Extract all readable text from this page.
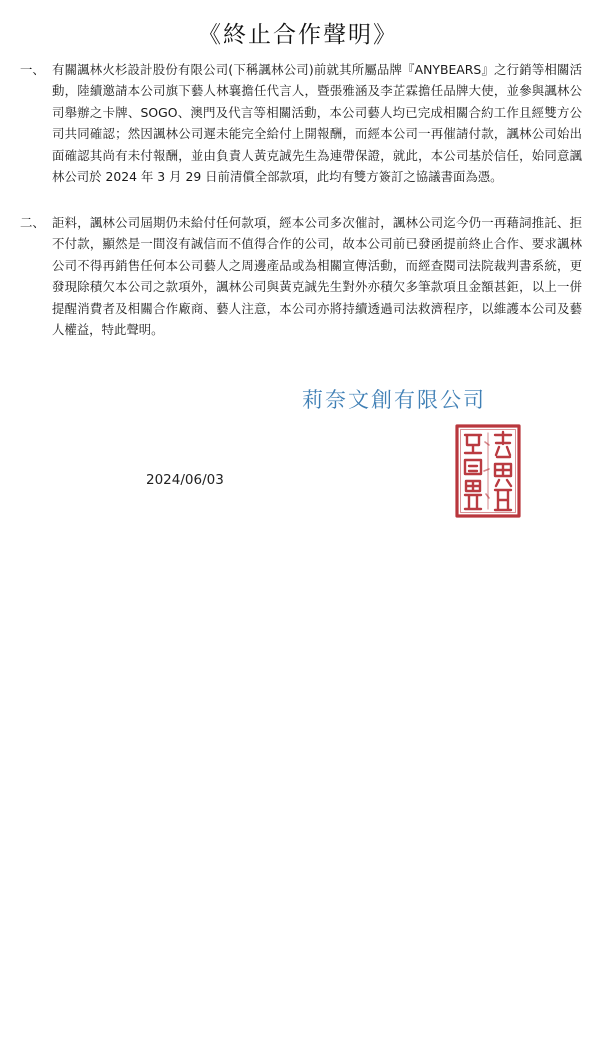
《終止合作聲明》
一、 有關諷林火杉設計股份有限公司(下稱諷林公司)前就其所屬品牌『ANYBEARS』之行銷等相關活動，陸續邀請本公司旗下藝人林襄擔任代言人，暨張雅涵及李芷霖擔任品牌大使，並參與諷林公司舉辦之卡牌、SOGO、澳門及代言等相關活動，本公司藝人均已完成相關合約工作且經雙方公司共同確認；然因諷林公司遲未能完全給付上開報酬，而經本公司一再催請付款，諷林公司始出面確認其尚有未付報酬，並由負責人黃克誠先生為連帶保證，就此，本公司基於信任，始同意諷林公司於 2024 年 3 月 29 日前清償全部款項，此均有雙方簽訂之協議書面為憑。
二、 詎料，諷林公司屆期仍未給付任何款項，經本公司多次催討，諷林公司迄今仍一再藉詞推託、拒不付款，顯然是一間沒有誠信而不值得合作的公司，故本公司前已發函提前終止合作、要求諷林公司不得再銷售任何本公司藝人之周邊產品或為相關宣傳活動，而經查閱司法院裁判書系統，更發現除積欠本公司之款項外，諷林公司與黃克誠先生對外亦積欠多筆款項且金額甚鉅，以上一併提醒消費者及相關合作廠商、藝人注意，本公司亦將持續透過司法救濟程序，以維護本公司及藝人權益，特此聲明。
莉奈文創有限公司
2024/06/03
